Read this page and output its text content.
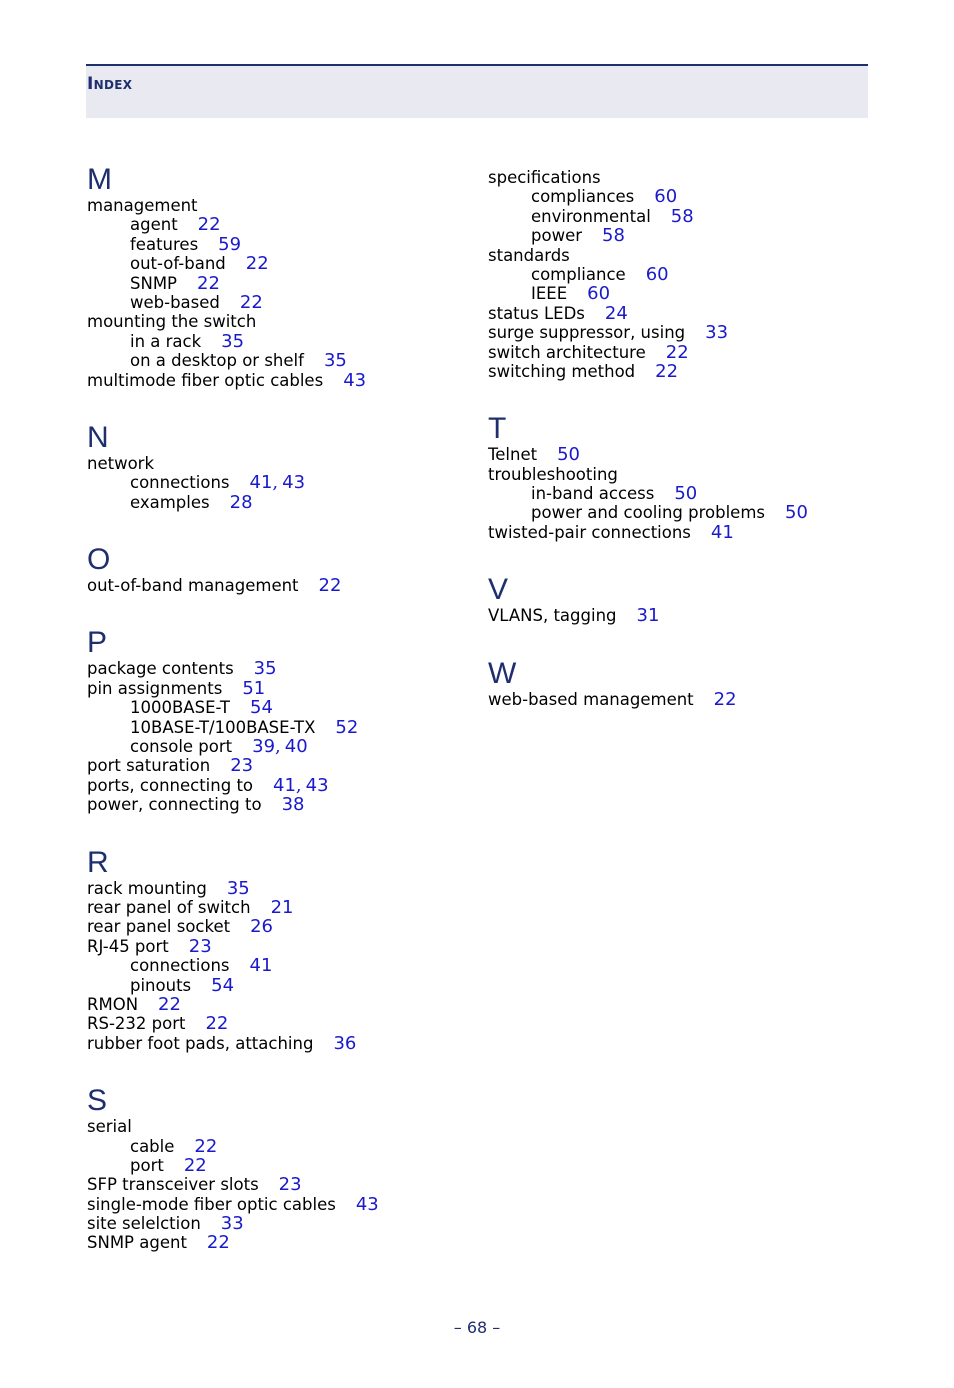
Index
M
management
agent 22
features 59
out-of-band 22
SNMP 22
web-based 22
mounting the switch
in a rack 35
on a desktop or shelf 35
multimode fiber optic cables 43
N
network
connections 41, 43
examples 28
O
out-of-band management 22
P
package contents 35
pin assignments 51
1000BASE-T 54
10BASE-T/100BASE-TX 52
console port 39, 40
port saturation 23
ports, connecting to 41, 43
power, connecting to 38
R
rack mounting 35
rear panel of switch 21
rear panel socket 26
RJ-45 port 23
connections 41
pinouts 54
RMON 22
RS-232 port 22
rubber foot pads, attaching 36
S
serial
cable 22
port 22
SFP transceiver slots 23
single-mode fiber optic cables 43
site selelction 33
SNMP agent 22
specifications
compliances 60
environmental 58
power 58
standards
compliance 60
IEEE 60
status LEDs 24
surge suppressor, using 33
switch architecture 22
switching method 22
T
Telnet 50
troubleshooting
in-band access 50
power and cooling problems 50
twisted-pair connections 41
V
VLANS, tagging 31
W
web-based management 22
– 68 –
